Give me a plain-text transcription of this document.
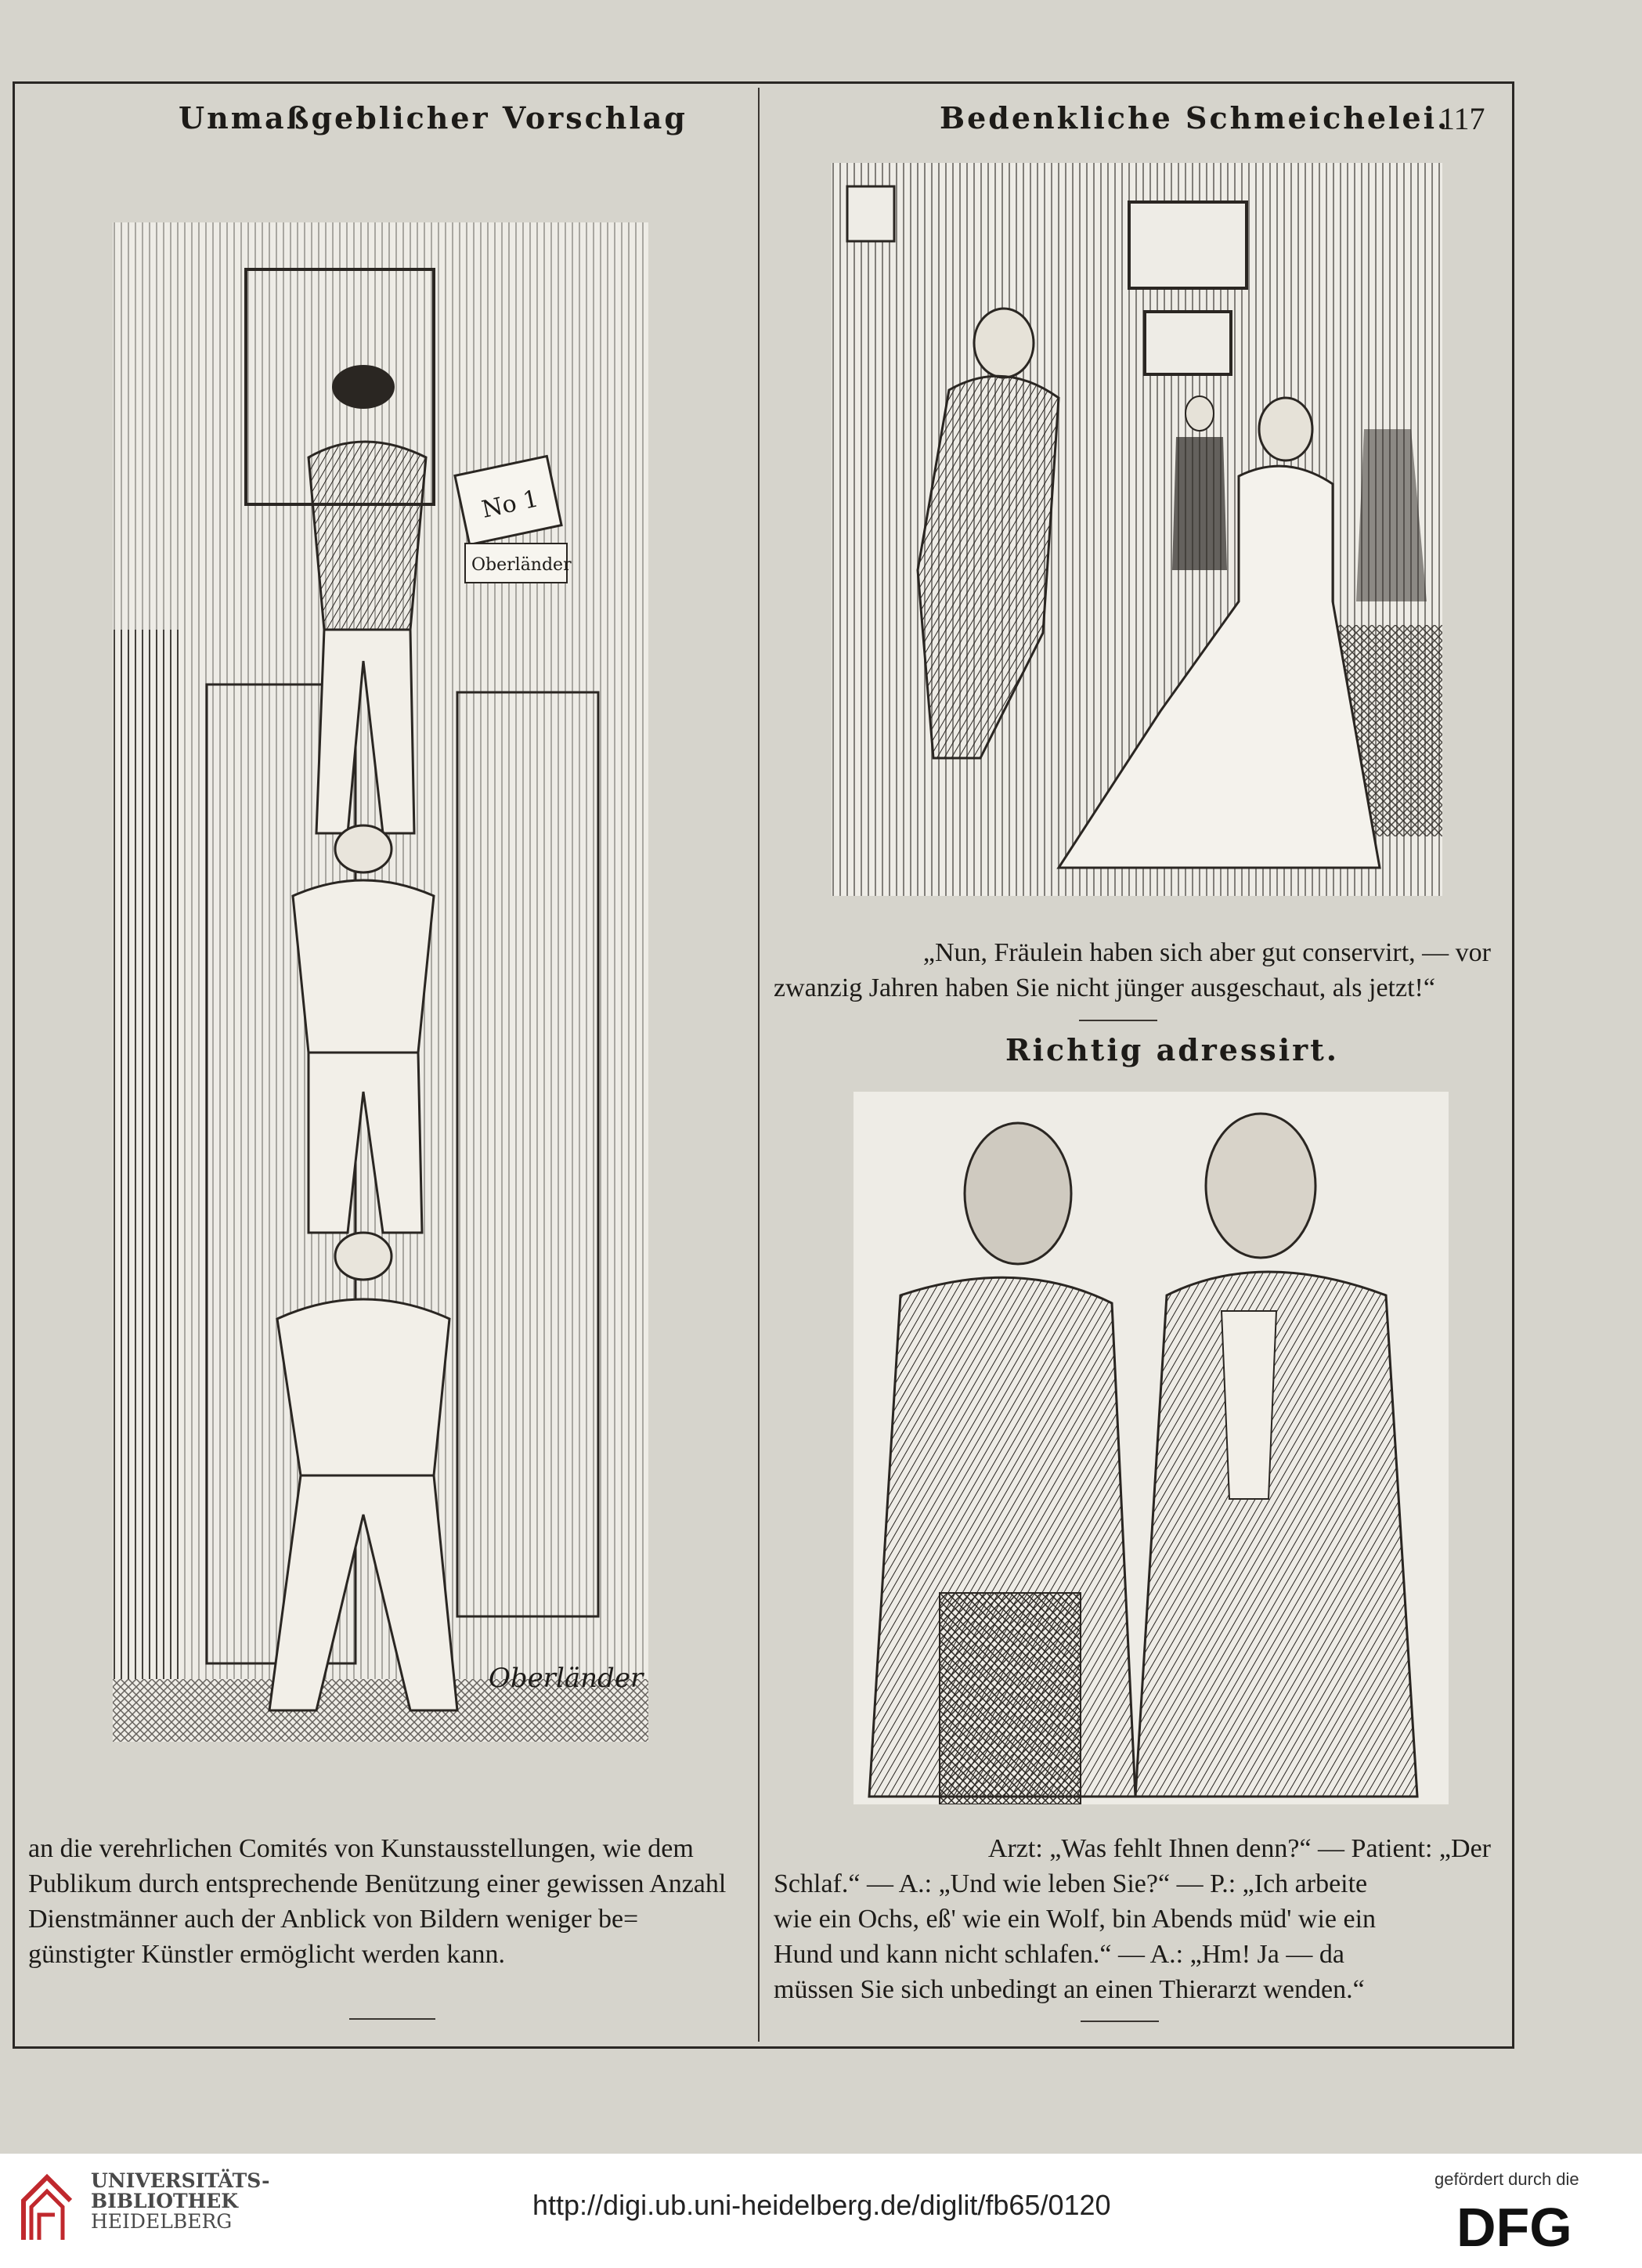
Unmaßgeblicher Vorschlag	Bedenkliche Schmeichelei.
117
No 1
Oberländer
Oberländer
an die verehrlichen Comités von Kunstausstellungen, wie dem
Publikum durch entsprechende Benützung einer gewissen Anzahl
Dienstmänner auch der Anblick von Bildern weniger be=
günstigter Künstler ermöglicht werden kann.
„Nun, Fräulein haben sich aber gut conservirt, — vor
zwanzig Jahren haben Sie nicht jünger ausgeschaut, als jetzt!“
Richtig adressirt.
Arzt: „Was fehlt Ihnen denn?“ — Patient: „Der
Schlaf.“ — A.: „Und wie leben Sie?“ — P.: „Ich arbeite
wie ein Ochs, eß' wie ein Wolf, bin Abends müd' wie ein
Hund und kann nicht schlafen.“ — A.: „Hm! Ja — da
müssen Sie sich unbedingt an einen Thierarzt wenden.“
UNIVERSITÄTS-
BIBLIOTHEK
HEIDELBERG
http://digi.ub.uni-heidelberg.de/diglit/fb65/0120
gefördert durch die
DFG
